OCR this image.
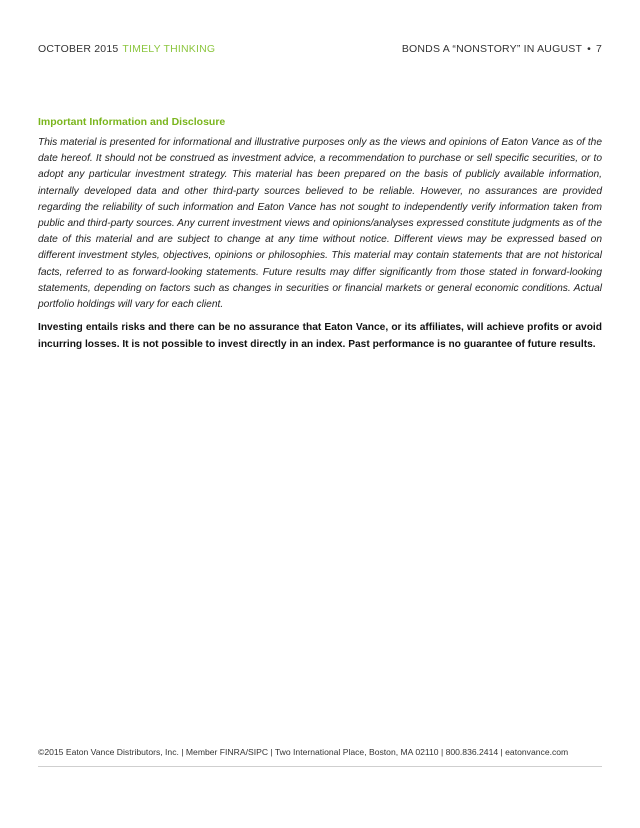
OCTOBER 2015 TIMELY THINKING	BONDS A “NONSTORY” IN AUGUST • 7
Important Information and Disclosure

This material is presented for informational and illustrative purposes only as the views and opinions of Eaton Vance as of the date hereof. It should not be construed as investment advice, a recommendation to purchase or sell specific securities, or to adopt any particular investment strategy. This material has been prepared on the basis of publicly available information, internally developed data and other third-party sources believed to be reliable. However, no assurances are provided regarding the reliability of such information and Eaton Vance has not sought to independently verify information taken from public and third-party sources. Any current investment views and opinions/analyses expressed constitute judgments as of the date of this material and are subject to change at any time without notice. Different views may be expressed based on different investment styles, objectives, opinions or philosophies. This material may contain statements that are not historical facts, referred to as forward-looking statements. Future results may differ significantly from those stated in forward-looking statements, depending on factors such as changes in securities or financial markets or general economic conditions. Actual portfolio holdings will vary for each client.

Investing entails risks and there can be no assurance that Eaton Vance, or its affiliates, will achieve profits or avoid incurring losses. It is not possible to invest directly in an index. Past performance is no guarantee of future results.

©2015 Eaton Vance Distributors, Inc. | Member FINRA/SIPC | Two International Place, Boston, MA 02110 | 800.836.2414 | eatonvance.com
